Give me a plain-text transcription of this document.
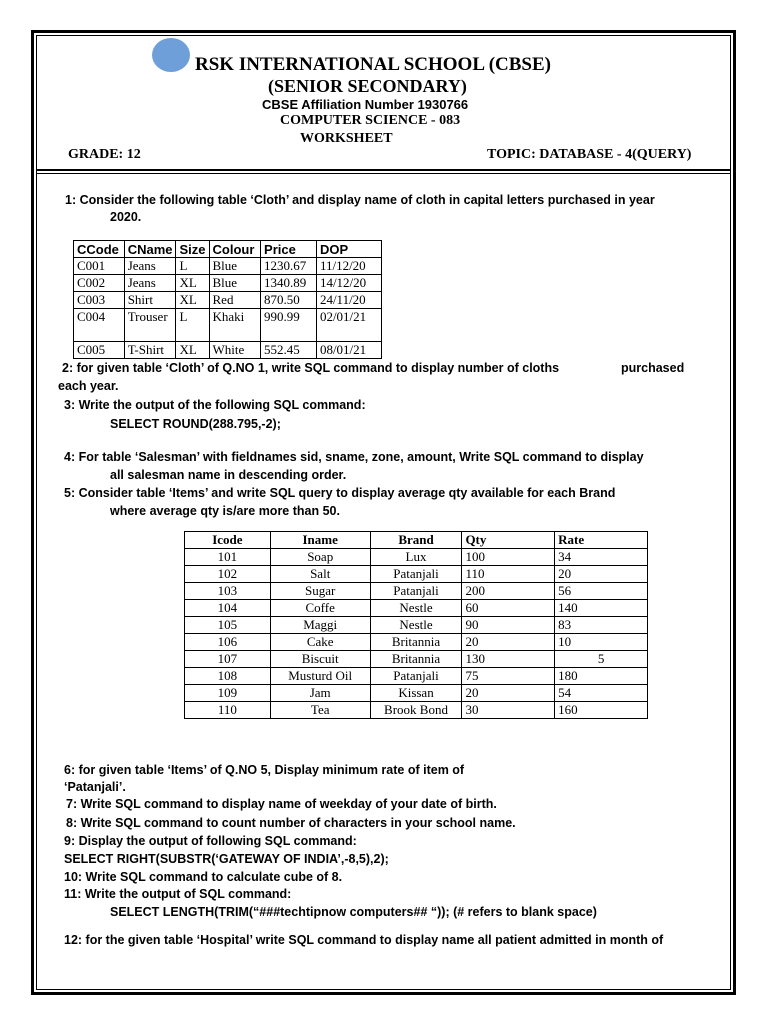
RSK INTERNATIONAL SCHOOL (CBSE)
(SENIOR SECONDARY)
CBSE Affiliation Number 1930766
COMPUTER SCIENCE - 083
WORKSHEET
GRADE: 12	TOPIC: DATABASE - 4(QUERY)
1: Consider the following table ‘Cloth’ and display name of cloth in capital letters purchased in year
2020.
CCode	CName	Size	Colour	Price	DOP
C001	Jeans	L	Blue	1230.67	11/12/20
C002	Jeans	XL	Blue	1340.89	14/12/20
C003	Shirt	XL	Red	870.50	24/11/20
C004	Trouser	L	Khaki	990.99	02/01/21
C005	T-Shirt	XL	White	552.45	08/01/21
2: for given table ‘Cloth’ of Q.NO 1, write SQL command to display number of cloths	purchased
each year.
3: Write the output of the following SQL command:
SELECT ROUND(288.795,-2);
4: For table ‘Salesman’ with fieldnames sid, sname, zone, amount, Write SQL command to display
all salesman name in descending order.
5: Consider table ‘Items’ and write SQL query to display average qty available for each Brand
where average qty is/are more than 50.
Icode	Iname	Brand	Qty	Rate
101	Soap	Lux	100	34
102	Salt	Patanjali	110	20
103	Sugar	Patanjali	200	56
104	Coffe	Nestle	60	140
105	Maggi	Nestle	90	83
106	Cake	Britannia	20	10
107	Biscuit	Britannia	130	5
108	Musturd Oil	Patanjali	75	180
109	Jam	Kissan	20	54
110	Tea	Brook Bond	30	160
6: for given table ‘Items’ of Q.NO 5, Display minimum rate of item of
‘Patanjali’.
7: Write SQL command to display name of weekday of your date of birth.
8: Write SQL command to count number of characters in your school name.
9: Display the output of following SQL command:
SELECT RIGHT(SUBSTR(‘GATEWAY OF INDIA’,-8,5),2);
10: Write SQL command to calculate cube of 8.
11: Write the output of SQL command:
SELECT LENGTH(TRIM(“###techtipnow computers## “)); (# refers to blank space)
12: for the given table ‘Hospital’ write SQL command to display name all patient admitted in month of
